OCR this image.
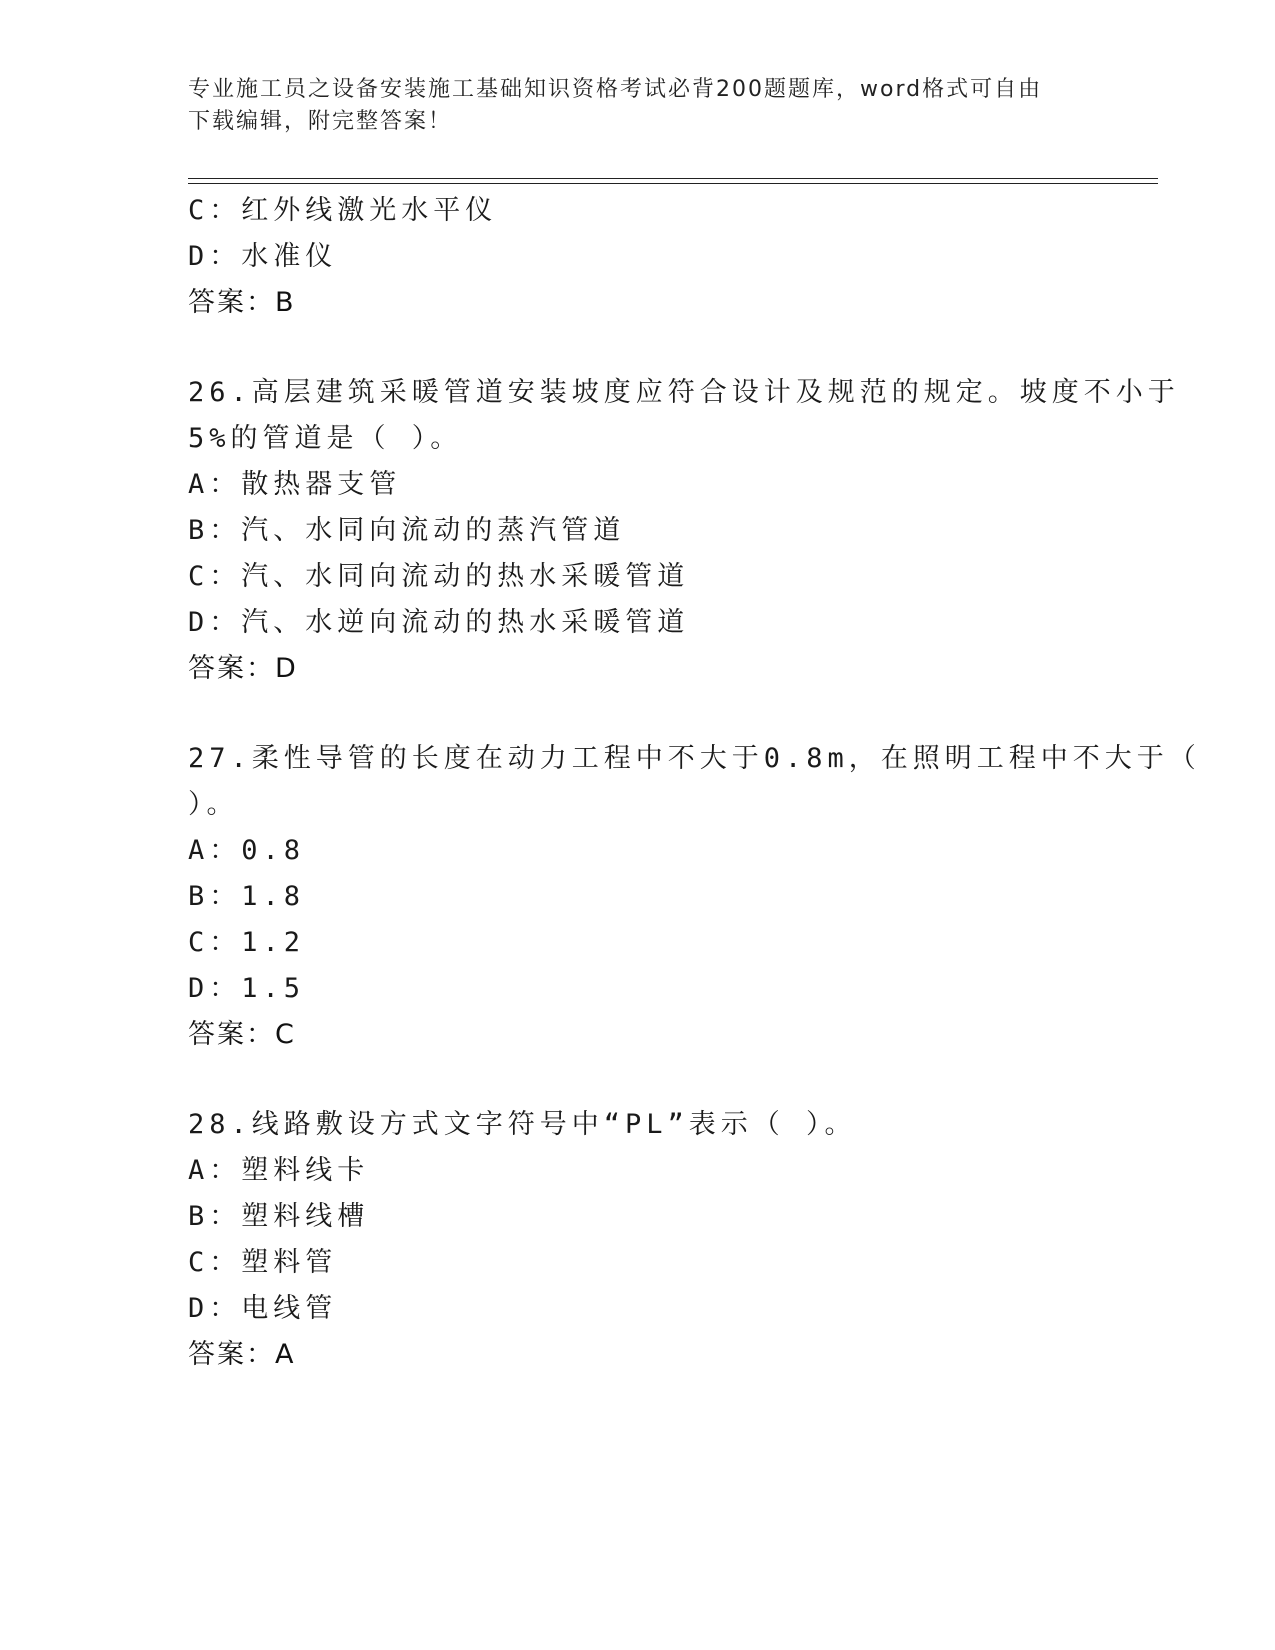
专业施工员之设备安装施工基础知识资格考试必背200题题库，word格式可自由
下载编辑，附完整答案！
C：红外线激光水平仪
D：水准仪
答案：B
26.高层建筑采暖管道安装坡度应符合设计及规范的规定。坡度不小于
5%的管道是（ ）。
A：散热器支管
B：汽、水同向流动的蒸汽管道
C：汽、水同向流动的热水采暖管道
D：汽、水逆向流动的热水采暖管道
答案：D
27.柔性导管的长度在动力工程中不大于0.8m，在照明工程中不大于（
）。
A：0.8
B：1.8
C：1.2
D：1.5
答案：C
28.线路敷设方式文字符号中“PL”表示（ ）。
A：塑料线卡
B：塑料线槽
C：塑料管
D：电线管
答案：A
